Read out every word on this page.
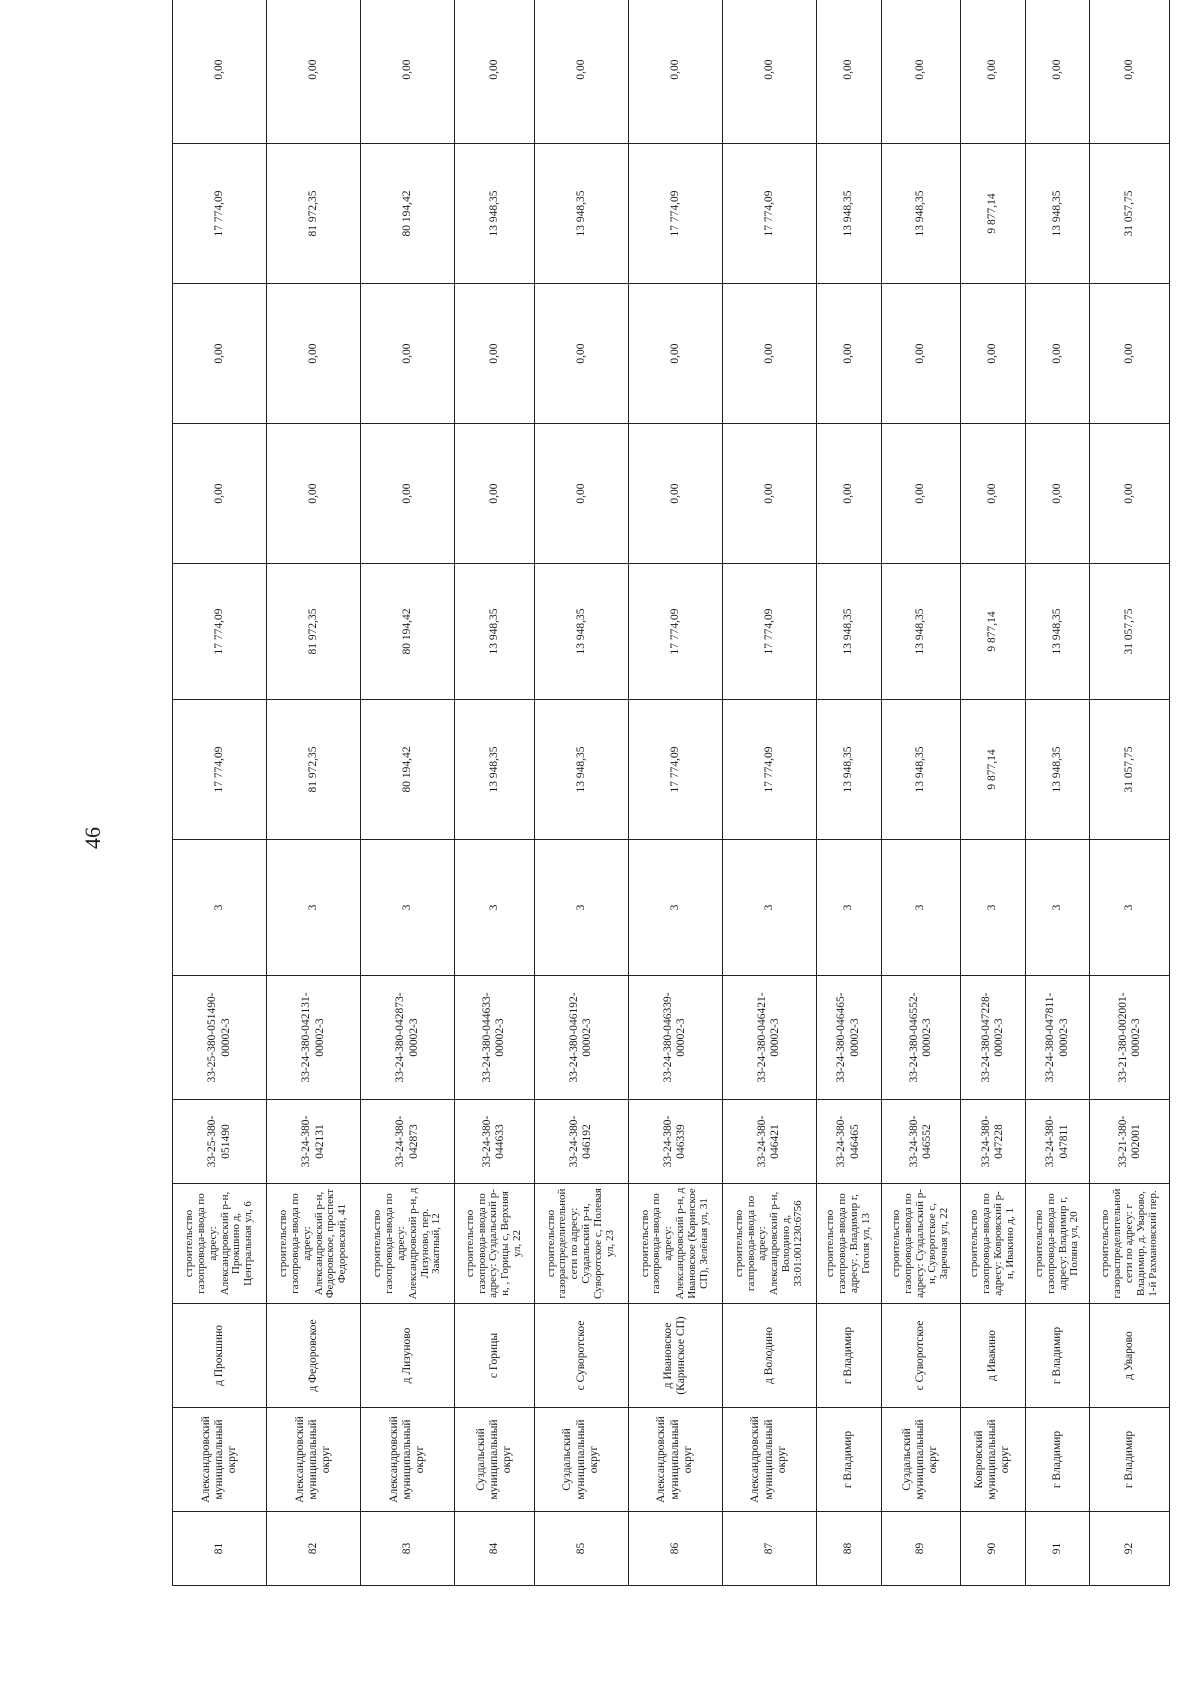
46
81	Александровский муниципальный округ	д Прокшино	строительство газопровода-ввода по адресу: Александровский р-н, Прокшино д, Центральная ул, 6	33-25-380-051490	33-25-380-051490-00002-3	3	17 774,09	17 774,09	0,00	0,00	17 774,09	0,00
82	Александровский муниципальный округ	д Федоровское	строительство газопровода-ввода по адресу: Александровский р-н, Федоровское, проспект Федоровский, 41	33-24-380-042131	33-24-380-042131-00002-3	3	81 972,35	81 972,35	0,00	0,00	81 972,35	0,00
83	Александровский муниципальный округ	д Лизуново	строительство газопровода-ввода по адресу: Александровский р-н, д Лизуново, пер. Закатный, 12	33-24-380-042873	33-24-380-042873-00002-3	3	80 194,42	80 194,42	0,00	0,00	80 194,42	0,00
84	Суздальский муниципальный округ	с Горицы	строительство газопровода-ввода по адресу: Суздальский р-н, , Горицы с, Верхняя ул, 22	33-24-380-044633	33-24-380-044633-00002-3	3	13 948,35	13 948,35	0,00	0,00	13 948,35	0,00
85	Суздальский муниципальный округ	с Суворотское	строительство газораспределительной сети по адресу: Суздальский р-н, Суворотское с, Полевая ул, 23	33-24-380-046192	33-24-380-046192-00002-3	3	13 948,35	13 948,35	0,00	0,00	13 948,35	0,00
86	Александровский муниципальный округ	д Ивановское (Каринское СП)	строительство газопровода-ввода по адресу: Александровский р-н, д Ивановское (Каринское СП), Зелёная ул, 31	33-24-380-046339	33-24-380-046339-00002-3	3	17 774,09	17 774,09	0,00	0,00	17 774,09	0,00
87	Александровский муниципальный округ	д Володино	строительство газпровода-ввода по адресу: Александровский р-н, Володино д, 33:01:001230:6756	33-24-380-046421	33-24-380-046421-00002-3	3	17 774,09	17 774,09	0,00	0,00	17 774,09	0,00
88	г Владимир	г Владимир	строительство газопровода-ввода по адресу: , Владимир г, Гоголя ул, 13	33-24-380-046465	33-24-380-046465-00002-3	3	13 948,35	13 948,35	0,00	0,00	13 948,35	0,00
89	Суздальский муниципальный округ	с Суворотское	строительство газопровода-ввода по адресу: Суздальский р-н, Суворотское с, Заречная ул, 22	33-24-380-046552	33-24-380-046552-00002-3	3	13 948,35	13 948,35	0,00	0,00	13 948,35	0,00
90	Ковровский муниципальный округ	д Ивакино	строительство газопровода-ввода по адресу: Ковровский р-н, Ивакино д, 1	33-24-380-047228	33-24-380-047228-00002-3	3	9 877,14	9 877,14	0,00	0,00	9 877,14	0,00
91	г Владимир	г Владимир	строительство газопровода-ввода по адресу: Владимир г, Поляна ул, 20	33-24-380-047811	33-24-380-047811-00002-3	3	13 948,35	13 948,35	0,00	0,00	13 948,35	0,00
92	г Владимир	д Уварово	строительство газораспределительной сети по адресу: г Владимир, д. Уварово, 1-й Рахмановский пер.	33-21-380-002001	33-21-380-002001-00002-3	3	31 057,75	31 057,75	0,00	0,00	31 057,75	0,00
